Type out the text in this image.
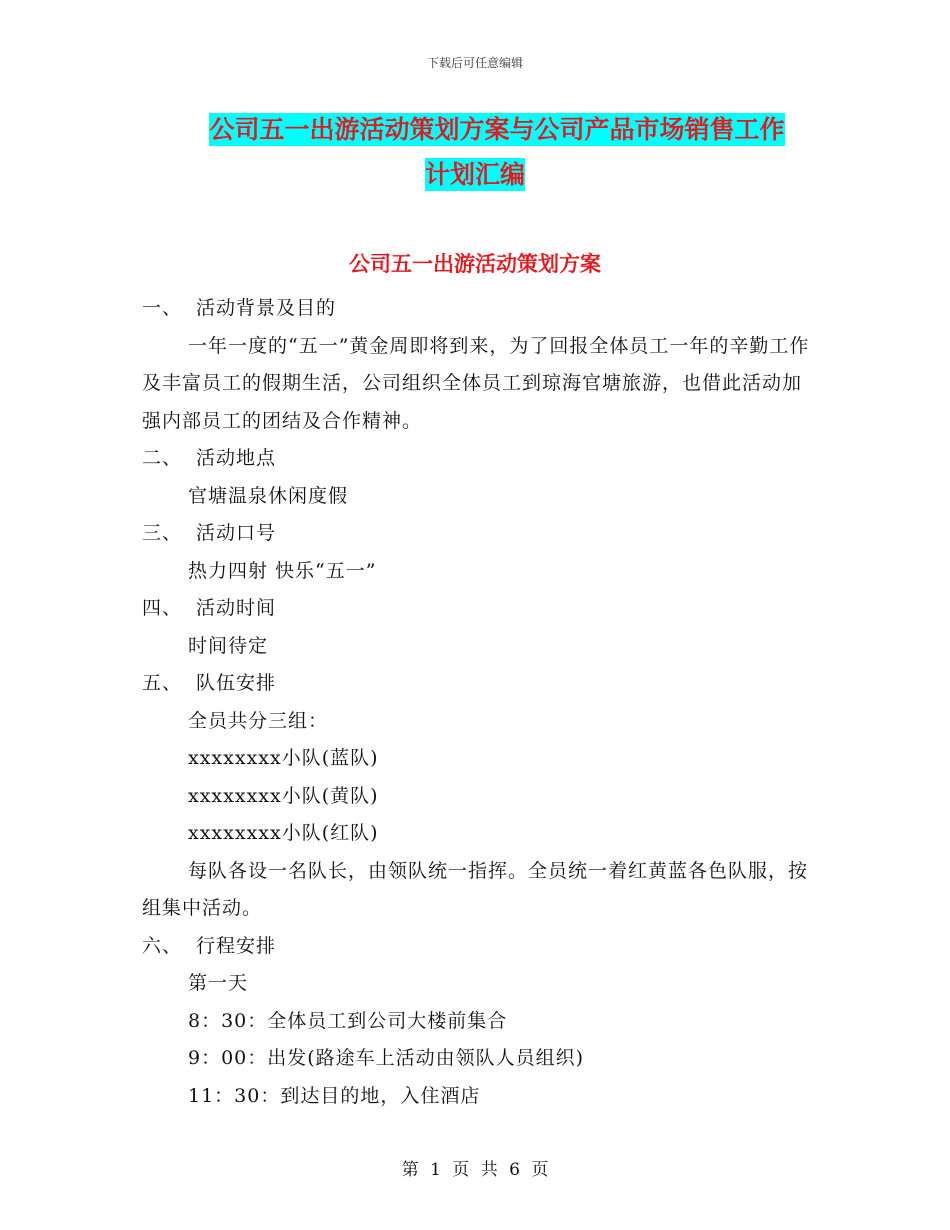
下载后可任意编辑
公司五一出游活动策划方案与公司产品市场销售工作
计划汇编
公司五一出游活动策划方案

一、 活动背景及目的

一年一度的“五一”黄金周即将到来，为了回报全体员工一年的辛勤工作及丰富员工的假期生活，公司组织全体员工到琼海官塘旅游，也借此活动加强内部员工的团结及合作精神。

二、 活动地点

官塘温泉休闲度假

三、 活动口号

热力四射 快乐“五一”

四、 活动时间

时间待定

五、 队伍安排

全员共分三组：

xxxxxxxx小队(蓝队)

xxxxxxxx小队(黄队)

xxxxxxxx小队(红队)

每队各设一名队长，由领队统一指挥。全员统一着红黄蓝各色队服，按组集中活动。

六、 行程安排

第一天

8：30：全体员工到公司大楼前集合

9：00：出发(路途车上活动由领队人员组织)

11：30：到达目的地，入住酒店

第 1 页 共 6 页
